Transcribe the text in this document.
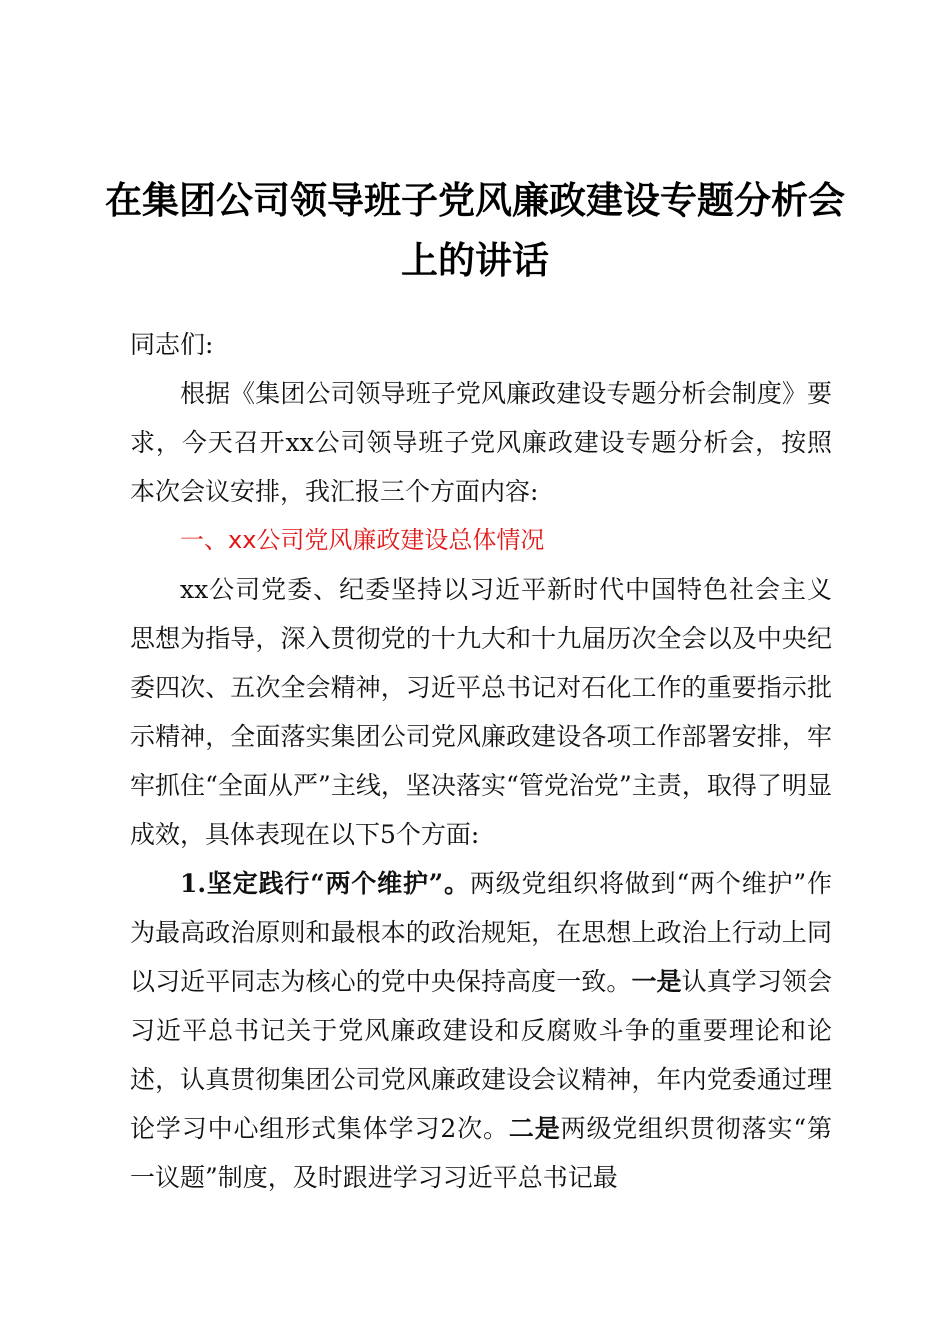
在集团公司领导班子党风廉政建设专题分析会上的讲话

同志们:

根据《集团公司领导班子党风廉政建设专题分析会制度》要求，今天召开xx公司领导班子党风廉政建设专题分析会，按照本次会议安排，我汇报三个方面内容:

一、xx公司党风廉政建设总体情况

xx公司党委、纪委坚持以习近平新时代中国特色社会主义思想为指导，深入贯彻党的十九大和十九届历次全会以及中央纪委四次、五次全会精神，习近平总书记对石化工作的重要指示批示精神，全面落实集团公司党风廉政建设各项工作部署安排，牢牢抓住“全面从严”主线，坚决落实“管党治党”主责，取得了明显成效，具体表现在以下5个方面:

1.坚定践行“两个维护”。两级党组织将做到“两个维护”作为最高政治原则和最根本的政治规矩，在思想上政治上行动上同以习近平同志为核心的党中央保持高度一致。一是认真学习领会习近平总书记关于党风廉政建设和反腐败斗争的重要理论和论述，认真贯彻集团公司党风廉政建设会议精神，年内党委通过理论学习中心组形式集体学习2次。二是两级党组织贯彻落实“第一议题”制度，及时跟进学习习近平总书记最
